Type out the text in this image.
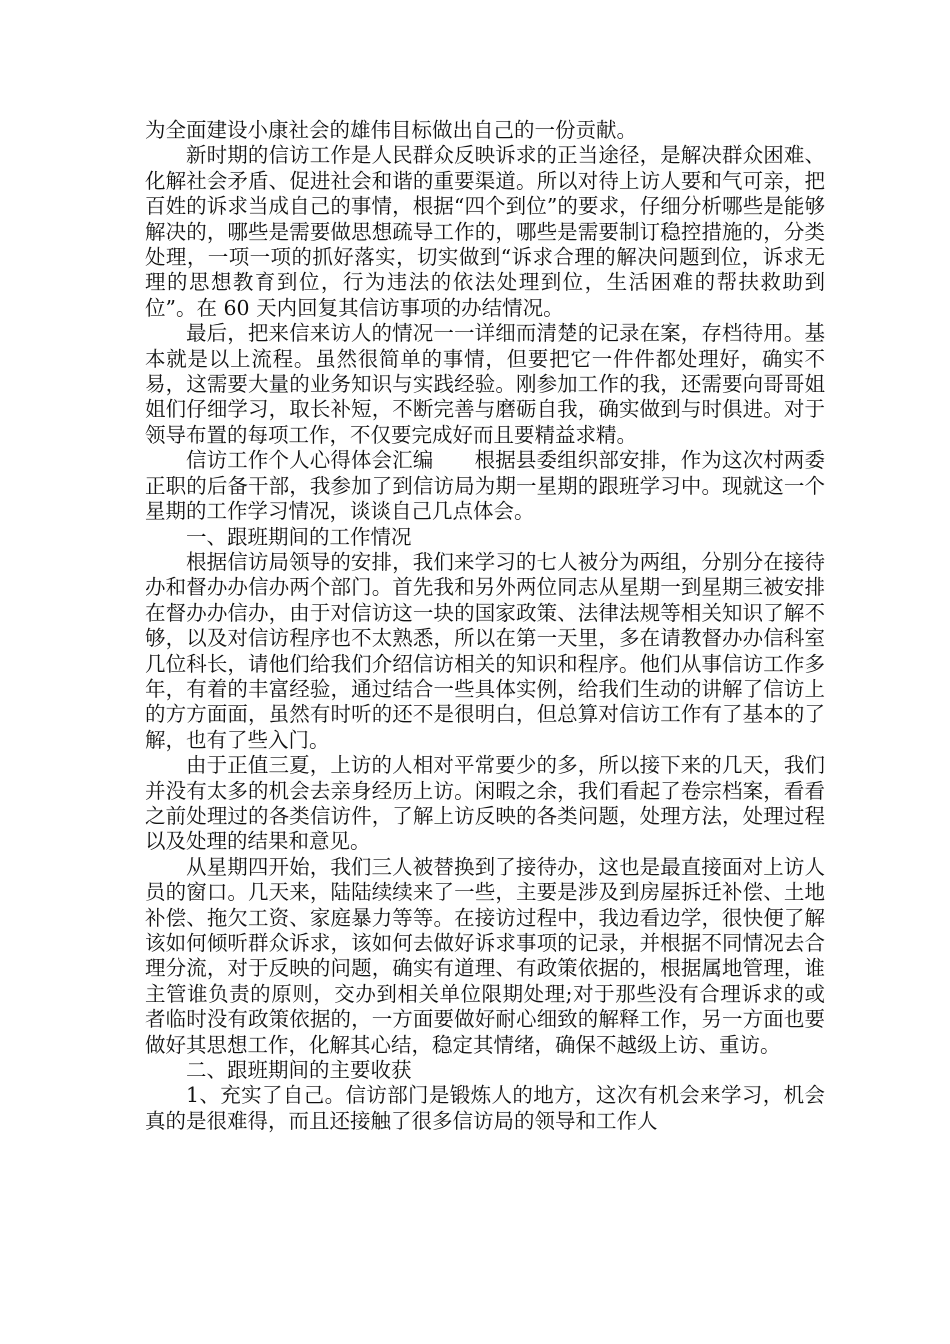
为全面建设小康社会的雄伟目标做出自己的一份贡献。

新时期的信访工作是人民群众反映诉求的正当途径，是解决群众困难、化解社会矛盾、促进社会和谐的重要渠道。所以对待上访人要和气可亲，把百姓的诉求当成自己的事情，根据“四个到位”的要求，仔细分析哪些是能够解决的，哪些是需要做思想疏导工作的，哪些是需要制订稳控措施的，分类处理，一项一项的抓好落实，切实做到“诉求合理的解决问题到位，诉求无理的思想教育到位，行为违法的依法处理到位，生活困难的帮扶救助到位”。在 60 天内回复其信访事项的办结情况。

最后，把来信来访人的情况一一详细而清楚的记录在案，存档待用。基本就是以上流程。虽然很简单的事情，但要把它一件件都处理好，确实不易，这需要大量的业务知识与实践经验。刚参加工作的我，还需要向哥哥姐姐们仔细学习，取长补短，不断完善与磨砺自我，确实做到与时俱进。对于领导布置的每项工作，不仅要完成好而且要精益求精。

信访工作个人心得体会汇编　　根据县委组织部安排，作为这次村两委正职的后备干部，我参加了到信访局为期一星期的跟班学习中。现就这一个星期的工作学习情况，谈谈自己几点体会。

一、跟班期间的工作情况

根据信访局领导的安排，我们来学习的七人被分为两组，分别分在接待办和督办办信办两个部门。首先我和另外两位同志从星期一到星期三被安排在督办办信办，由于对信访这一块的国家政策、法律法规等相关知识了解不够，以及对信访程序也不太熟悉，所以在第一天里，多在请教督办办信科室几位科长，请他们给我们介绍信访相关的知识和程序。他们从事信访工作多年，有着的丰富经验，通过结合一些具体实例，给我们生动的讲解了信访上的方方面面，虽然有时听的还不是很明白，但总算对信访工作有了基本的了解，也有了些入门。

由于正值三夏，上访的人相对平常要少的多，所以接下来的几天，我们并没有太多的机会去亲身经历上访。闲暇之余，我们看起了卷宗档案，看看之前处理过的各类信访件，了解上访反映的各类问题，处理方法，处理过程以及处理的结果和意见。

从星期四开始，我们三人被替换到了接待办，这也是最直接面对上访人员的窗口。几天来，陆陆续续来了一些，主要是涉及到房屋拆迁补偿、土地补偿、拖欠工资、家庭暴力等等。在接访过程中，我边看边学，很快便了解该如何倾听群众诉求，该如何去做好诉求事项的记录，并根据不同情况去合理分流，对于反映的问题，确实有道理、有政策依据的，根据属地管理，谁主管谁负责的原则，交办到相关单位限期处理;对于那些没有合理诉求的或者临时没有政策依据的，一方面要做好耐心细致的解释工作，另一方面也要做好其思想工作，化解其心结，稳定其情绪，确保不越级上访、重访。

二、跟班期间的主要收获

1、充实了自己。信访部门是锻炼人的地方，这次有机会来学习，机会真的是很难得，而且还接触了很多信访局的领导和工作人
